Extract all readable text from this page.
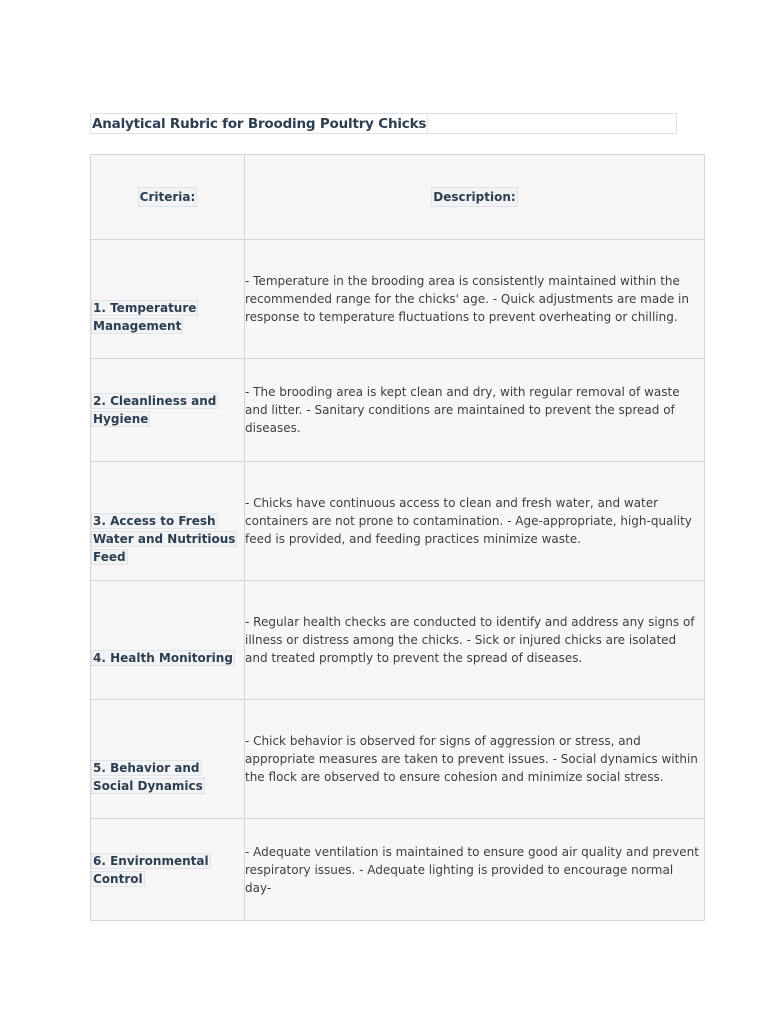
Analytical Rubric for Brooding Poultry Chicks
Criteria:	Description:

1. Temperature Management	- Temperature in the brooding area is consistently maintained within the recommended range for the chicks' age. - Quick adjustments are made in response to temperature fluctuations to prevent overheating or chilling.

2. Cleanliness and Hygiene	- The brooding area is kept clean and dry, with regular removal of waste and litter. - Sanitary conditions are maintained to prevent the spread of diseases.

3. Access to Fresh Water and Nutritious Feed	- Chicks have continuous access to clean and fresh water, and water containers are not prone to contamination. - Age-appropriate, high-quality feed is provided, and feeding practices minimize waste.

4. Health Monitoring	- Regular health checks are conducted to identify and address any signs of illness or distress among the chicks. - Sick or injured chicks are isolated and treated promptly to prevent the spread of diseases.

5. Behavior and Social Dynamics	- Chick behavior is observed for signs of aggression or stress, and appropriate measures are taken to prevent issues. - Social dynamics within the flock are observed to ensure cohesion and minimize social stress.

6. Environmental Control	- Adequate ventilation is maintained to ensure good air quality and prevent respiratory issues. - Adequate lighting is provided to encourage normal day-
